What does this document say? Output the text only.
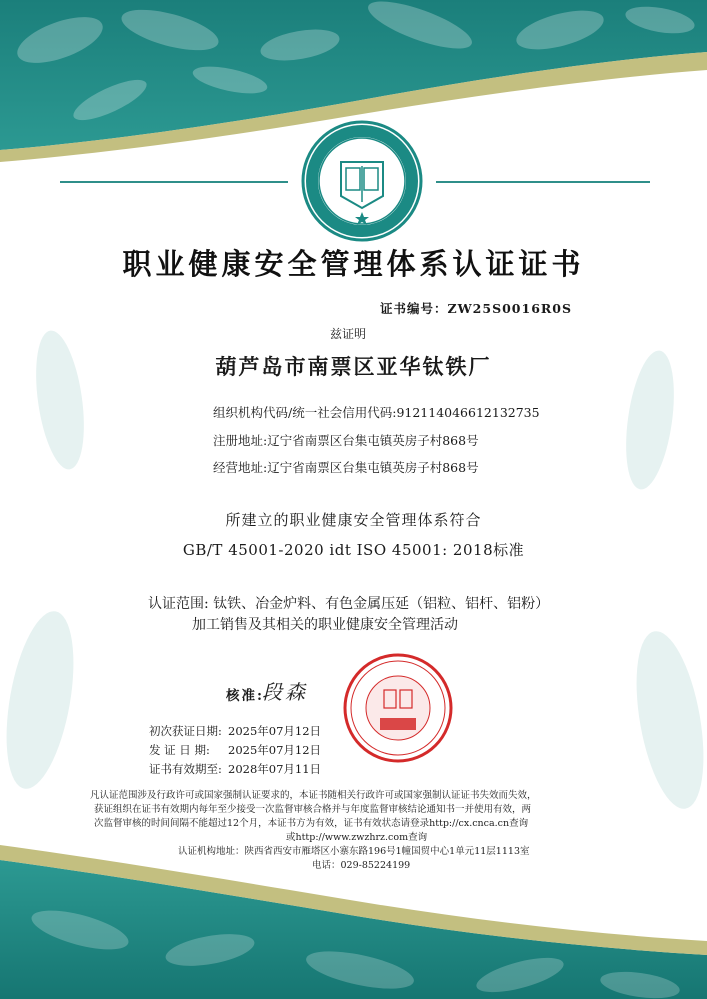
职业健康安全管理体系认证证书
证书编号：ZW25S0016R0S
兹证明
葫芦岛市南票区亚华钛铁厂
组织机构代码/统一社会信用代码:912114046612132735
注册地址:辽宁省南票区台集屯镇英房子村868号
经营地址:辽宁省南票区台集屯镇英房子村868号
所建立的职业健康安全管理体系符合
GB/T 45001-2020 idt ISO 45001: 2018标准
认证范围: 钛铁、冶金炉料、有色金属压延（铝粒、铝杆、铝粉）
加工销售及其相关的职业健康安全管理活动
核准:
段森
初次获证日期: 2025年07月12日
发 证 日 期: 2025年07月12日
证书有效期至: 2028年07月11日
凡认证范围涉及行政许可或国家强制认证要求的，本证书随相关行政许可或国家强制认证证书失效而失效，
获证组织在证书有效期内每年至少接受一次监督审核合格并与年度监督审核结论通知书一并使用有效，两
次监督审核的时间间隔不能超过12个月，本证书方为有效，证书有效状态请登录http://cx.cnca.cn查询
或http://www.zwzhrz.com查询
认证机构地址：陕西省西安市雁塔区小寨东路196号1幢国贸中心1单元11层1113室
电话：029-85224199
